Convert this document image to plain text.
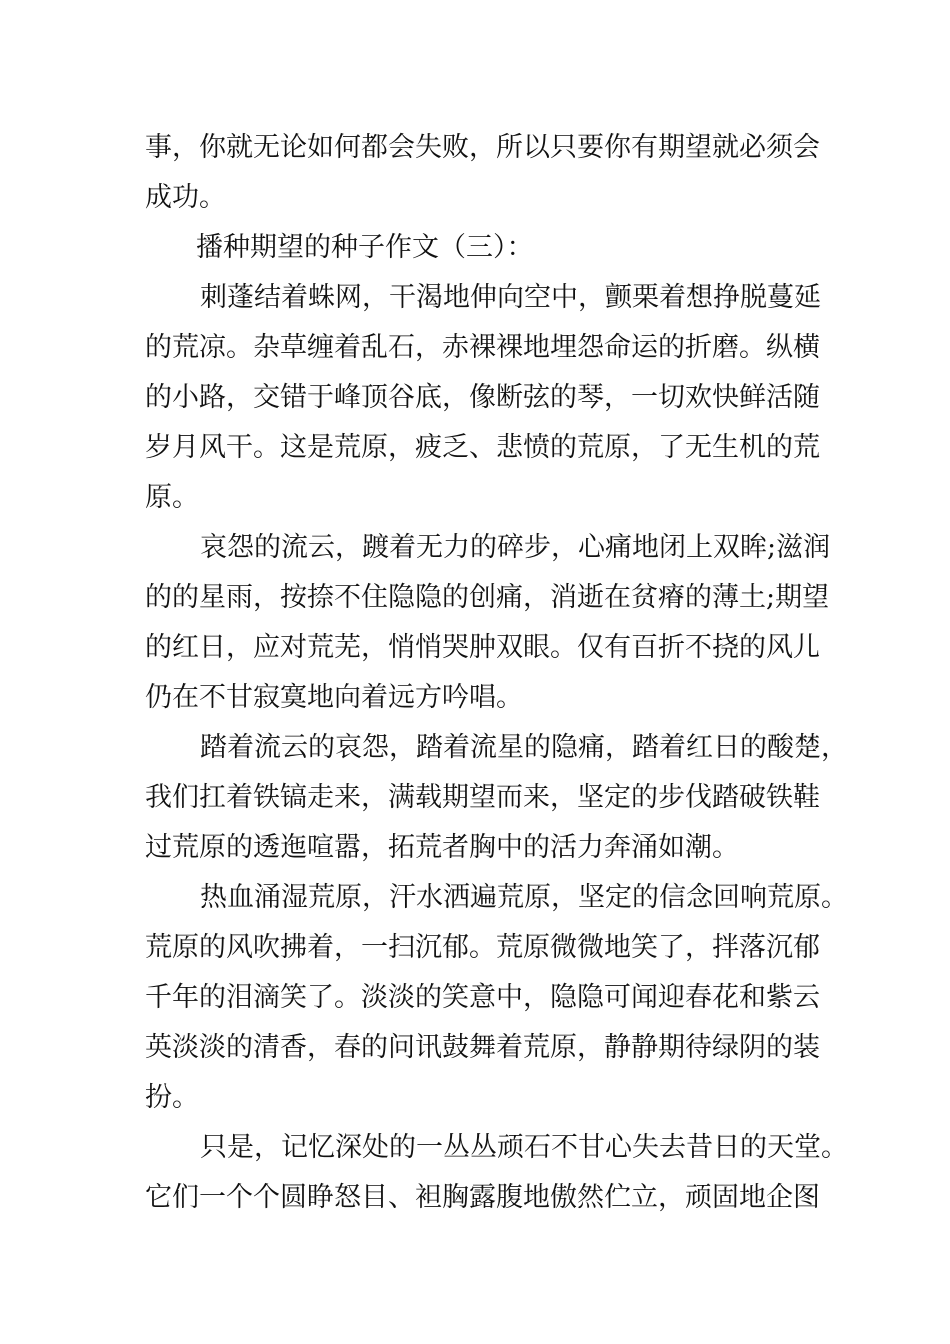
事，你就无论如何都会失败，所以只要你有期望就必须会

成功。

播种期望的种子作文（三）：

刺蓬结着蛛网，干渴地伸向空中，颤栗着想挣脱蔓延

的荒凉。杂草缠着乱石，赤裸裸地埋怨命运的折磨。纵横

的小路，交错于峰顶谷底，像断弦的琴，一切欢快鲜活随

岁月风干。这是荒原，疲乏、悲愤的荒原，了无生机的荒

原。

哀怨的流云，踱着无力的碎步，心痛地闭上双眸;滋润

的的星雨，按捺不住隐隐的创痛，消逝在贫瘠的薄土;期望

的红日，应对荒芜，悄悄哭肿双眼。仅有百折不挠的风儿

仍在不甘寂寞地向着远方吟唱。

踏着流云的哀怨，踏着流星的隐痛，踏着红日的酸楚，

我们扛着铁镐走来，满载期望而来，坚定的步伐踏破铁鞋

过荒原的透迤喧嚣，拓荒者胸中的活力奔涌如潮。

热血涌湿荒原，汗水洒遍荒原，坚定的信念回响荒原。

荒原的风吹拂着，一扫沉郁。荒原微微地笑了，拌落沉郁

千年的泪滴笑了。淡淡的笑意中，隐隐可闻迎春花和紫云

英淡淡的清香，春的问讯鼓舞着荒原，静静期待绿阴的装

扮。

只是，记忆深处的一丛丛顽石不甘心失去昔日的天堂。

它们一个个圆睁怒目、袒胸露腹地傲然伫立，顽固地企图
